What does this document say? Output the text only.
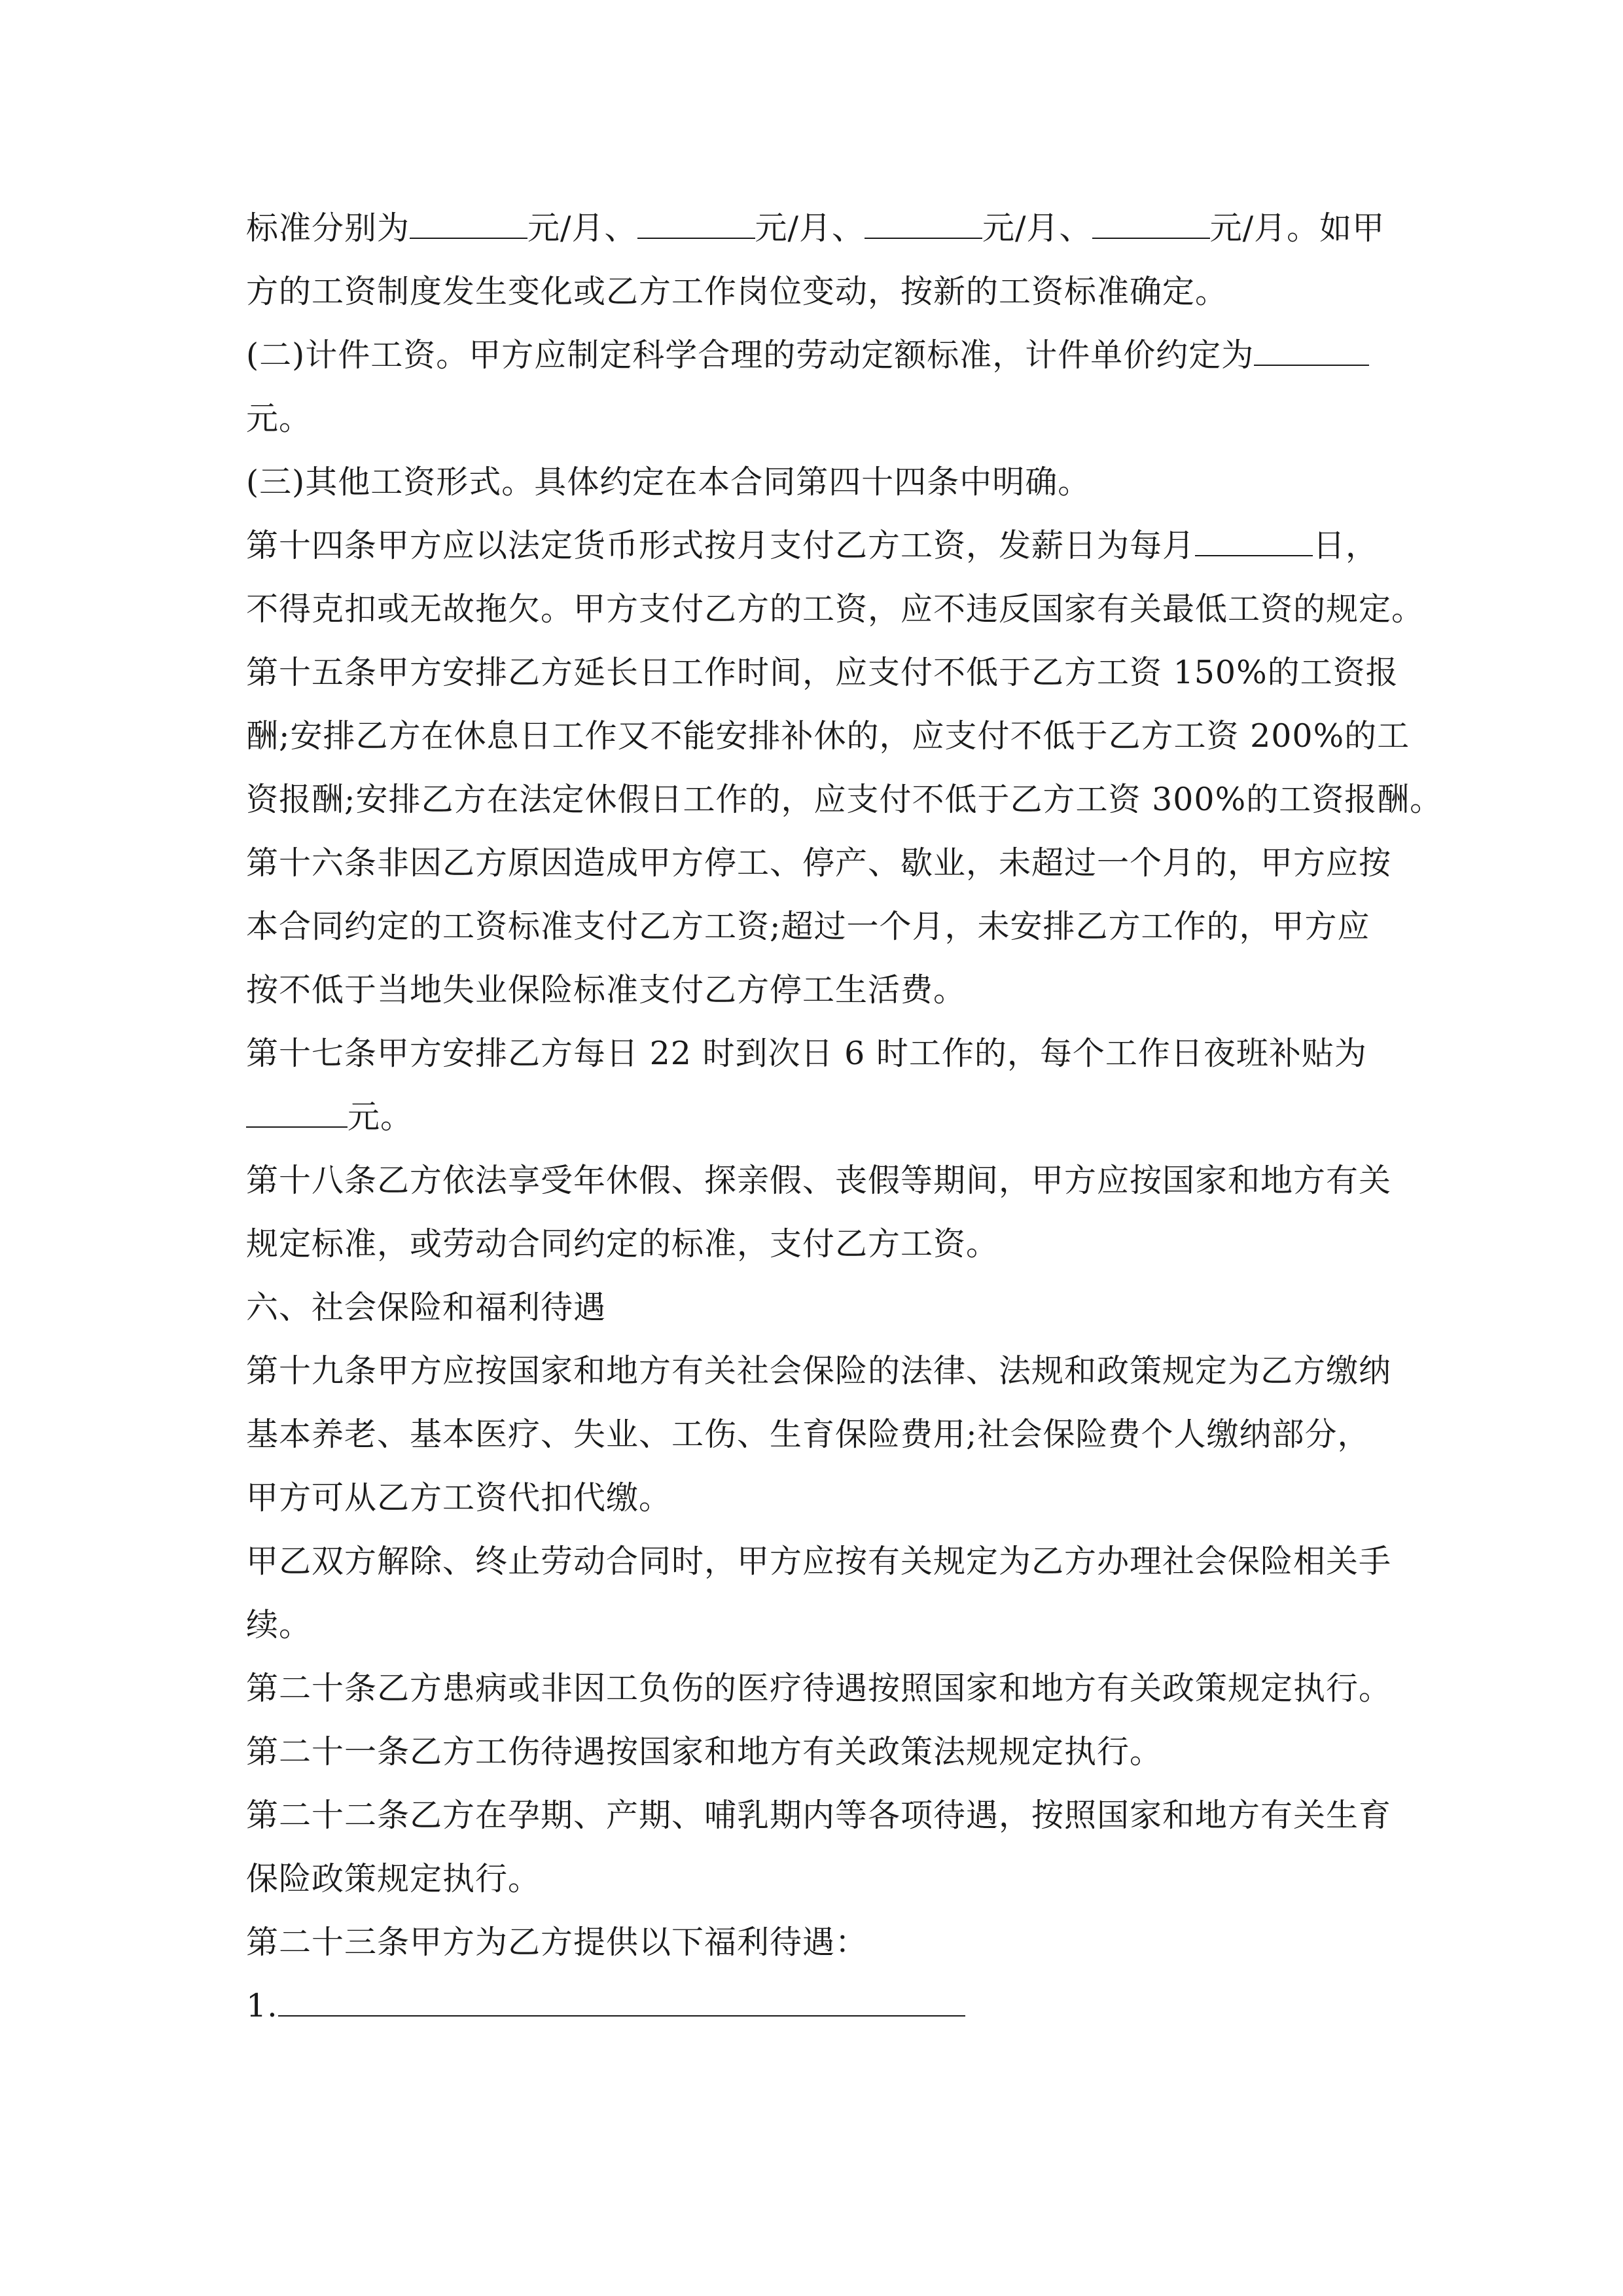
标准分别为	元/月、	元/月、	元/月、	元/月。如甲
方的工资制度发生变化或乙方工作岗位变动，按新的工资标准确定。
(二)计件工资。甲方应制定科学合理的劳动定额标准，计件单价约定为
元。
(三)其他工资形式。具体约定在本合同第四十四条中明确。
第十四条甲方应以法定货币形式按月支付乙方工资，发薪日为每月	日，
不得克扣或无故拖欠。甲方支付乙方的工资，应不违反国家有关最低工资的规定。
第十五条甲方安排乙方延长日工作时间，应支付不低于乙方工资 150%的工资报
酬;安排乙方在休息日工作又不能安排补休的，应支付不低于乙方工资 200%的工
资报酬;安排乙方在法定休假日工作的，应支付不低于乙方工资 300%的工资报酬。
第十六条非因乙方原因造成甲方停工、停产、歇业，未超过一个月的，甲方应按
本合同约定的工资标准支付乙方工资;超过一个月，未安排乙方工作的，甲方应
按不低于当地失业保险标准支付乙方停工生活费。
第十七条甲方安排乙方每日 22 时到次日 6 时工作的，每个工作日夜班补贴为
元。
第十八条乙方依法享受年休假、探亲假、丧假等期间，甲方应按国家和地方有关
规定标准，或劳动合同约定的标准，支付乙方工资。
六、社会保险和福利待遇
第十九条甲方应按国家和地方有关社会保险的法律、法规和政策规定为乙方缴纳
基本养老、基本医疗、失业、工伤、生育保险费用;社会保险费个人缴纳部分，
甲方可从乙方工资代扣代缴。
甲乙双方解除、终止劳动合同时，甲方应按有关规定为乙方办理社会保险相关手
续。
第二十条乙方患病或非因工负伤的医疗待遇按照国家和地方有关政策规定执行。
第二十一条乙方工伤待遇按国家和地方有关政策法规规定执行。
第二十二条乙方在孕期、产期、哺乳期内等各项待遇，按照国家和地方有关生育
保险政策规定执行。
第二十三条甲方为乙方提供以下福利待遇：
1.
